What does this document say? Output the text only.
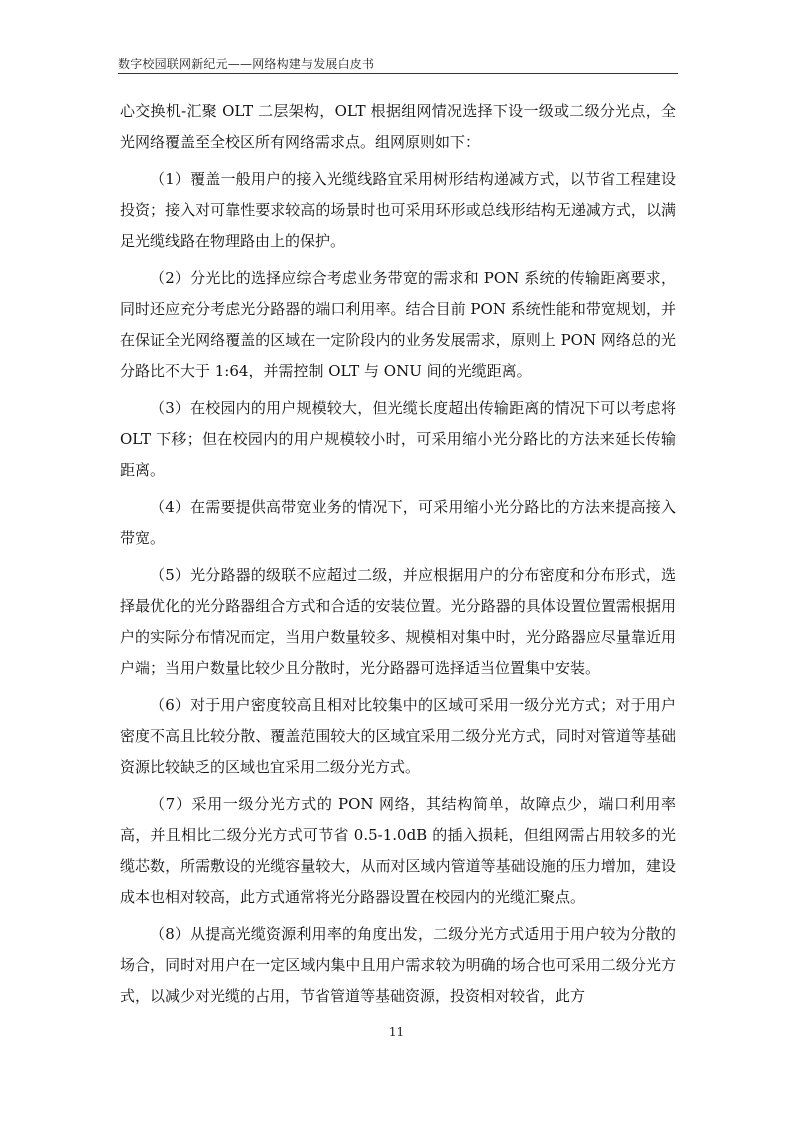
数字校园联网新纪元——网络构建与发展白皮书

心交换机-汇聚 OLT 二层架构，OLT 根据组网情况选择下设一级或二级分光点，全光网络覆盖至全校区所有网络需求点。组网原则如下：

（1）覆盖一般用户的接入光缆线路宜采用树形结构递减方式，以节省工程建设投资；接入对可靠性要求较高的场景时也可采用环形或总线形结构无递减方式，以满足光缆线路在物理路由上的保护。

（2）分光比的选择应综合考虑业务带宽的需求和 PON 系统的传输距离要求，同时还应充分考虑光分路器的端口利用率。结合目前 PON 系统性能和带宽规划，并在保证全光网络覆盖的区域在一定阶段内的业务发展需求，原则上 PON 网络总的光分路比不大于 1:64，并需控制 OLT 与 ONU 间的光缆距离。

（3）在校园内的用户规模较大，但光缆长度超出传输距离的情况下可以考虑将 OLT 下移；但在校园内的用户规模较小时，可采用缩小光分路比的方法来延长传输距离。

（4）在需要提供高带宽业务的情况下，可采用缩小光分路比的方法来提高接入带宽。

（5）光分路器的级联不应超过二级，并应根据用户的分布密度和分布形式，选择最优化的光分路器组合方式和合适的安装位置。光分路器的具体设置位置需根据用户的实际分布情况而定，当用户数量较多、规模相对集中时，光分路器应尽量靠近用户端；当用户数量比较少且分散时，光分路器可选择适当位置集中安装。

（6）对于用户密度较高且相对比较集中的区域可采用一级分光方式；对于用户密度不高且比较分散、覆盖范围较大的区域宜采用二级分光方式，同时对管道等基础资源比较缺乏的区域也宜采用二级分光方式。

（7）采用一级分光方式的 PON 网络，其结构简单，故障点少，端口利用率高，并且相比二级分光方式可节省 0.5-1.0dB 的插入损耗，但组网需占用较多的光缆芯数，所需敷设的光缆容量较大，从而对区域内管道等基础设施的压力增加，建设成本也相对较高，此方式通常将光分路器设置在校园内的光缆汇聚点。

（8）从提高光缆资源利用率的角度出发，二级分光方式适用于用户较为分散的场合，同时对用户在一定区域内集中且用户需求较为明确的场合也可采用二级分光方式，以减少对光缆的占用，节省管道等基础资源，投资相对较省，此方

11
